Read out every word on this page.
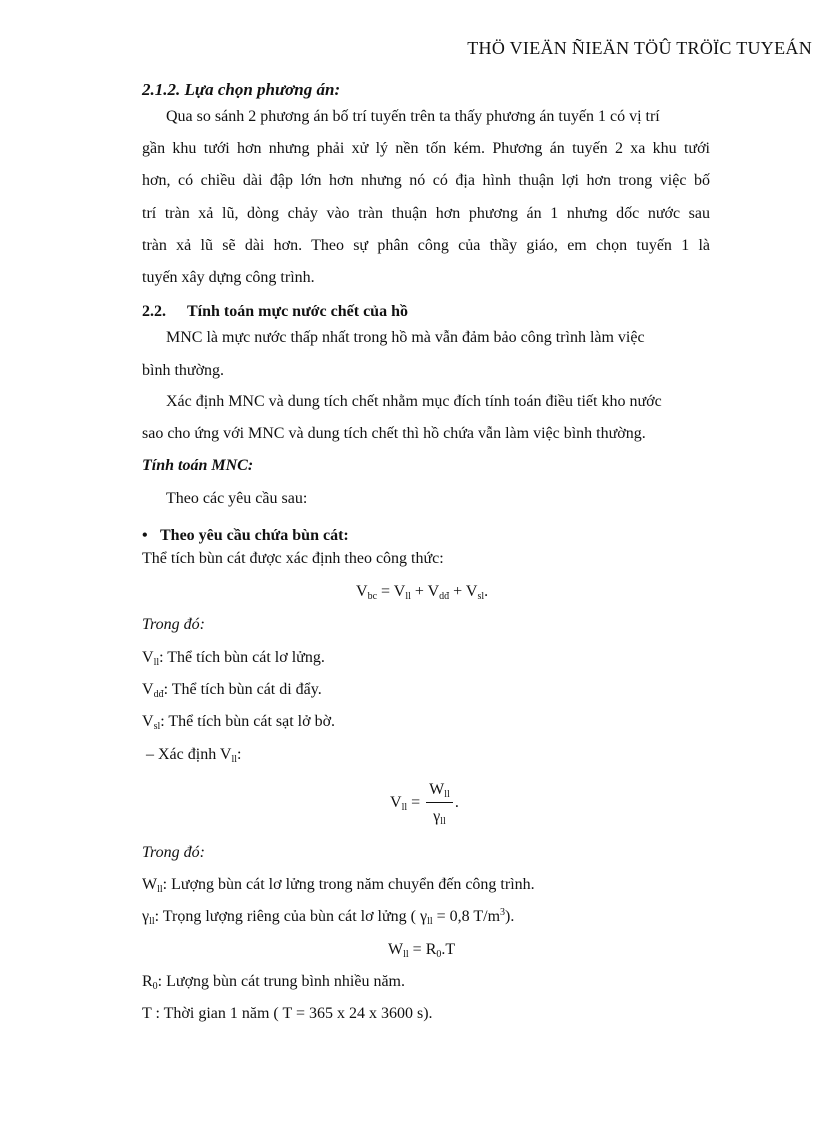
THÖ VIEÄN ÑIEÄN TÖÛ TRÖÏC TUYEÁN
2.1.2. Lựa chọn phương án:
Qua so sánh 2 phương án bố trí tuyến trên ta thấy phương án tuyến 1 có vị trí
gần khu tưới hơn nhưng phải xử lý nền tốn kém. Phương án tuyến 2 xa khu tưới
hơn, có chiều dài đập lớn hơn nhưng nó có địa hình thuận lợi hơn trong việc bố
trí tràn xả lũ, dòng chảy vào tràn thuận hơn phương án 1 nhưng dốc nước sau
tràn xả lũ sẽ dài hơn. Theo sự phân công của thầy giáo, em chọn tuyến 1 là
tuyến xây dựng công trình.
2.2. Tính toán mực nước chết của hồ
MNC là mực nước thấp nhất trong hồ mà vẫn đảm bảo công trình làm việc
bình thường.
Xác định MNC và dung tích chết nhằm mục đích tính toán điều tiết kho nước
sao cho ứng với MNC và dung tích chết thì hồ chứa vẫn làm việc bình thường.
Tính toán MNC:
Theo các yêu cầu sau:
• Theo yêu cầu chứa bùn cát:
Thể tích bùn cát được xác định theo công thức:
$V_{bc} = V_{ll} + V_{dđ} + V_{sl}$.
Trong đó:
$V_{ll}$: Thể tích bùn cát lơ lửng.
$V_{dđ}$: Thể tích bùn cát di đẩy.
$V_{sl}$: Thể tích bùn cát sạt lở bờ.
– Xác định $V_{ll}$:
$V_{ll} = \frac{W_{ll}}{\gamma_{ll}}$ .
Trong đó:
$W_{ll}$: Lượng bùn cát lơ lửng trong năm chuyển đến công trình.
$\gamma_{ll}$: Trọng lượng riêng của bùn cát lơ lửng ( $\gamma_{ll} = 0,8$ $T/m^3$).
$W_{ll} = R_0.T$
$R_0$: Lượng bùn cát trung bình nhiều năm.
T : Thời gian 1 năm ( T = 365 x 24 x 3600 s).
